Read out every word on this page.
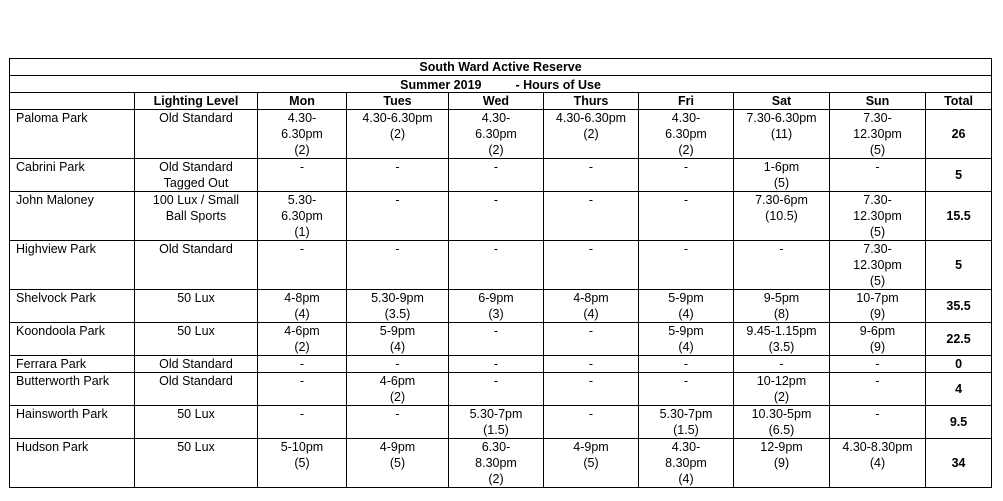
South Ward Active Reserve									
Summer 2019 - Hours of Use									
	Lighting Level	Mon	Tues	Wed	Thurs	Fri	Sat	Sun	Total
Paloma Park	Old Standard	4.30-
6.30pm
(2)	4.30-6.30pm
(2)	4.30-
6.30pm
(2)	4.30-6.30pm
(2)	4.30-
6.30pm
(2)	7.30-6.30pm
(11)	7.30-
12.30pm
(5)	26
Cabrini Park	Old Standard
Tagged Out	-	-	-	-	-	1-6pm
(5)	-	5
John Maloney	100 Lux / Small
Ball Sports	5.30-
6.30pm
(1)	-	-	-	-	7.30-6pm
(10.5)	7.30-
12.30pm
(5)	15.5
Highview Park	Old Standard	-	-	-	-	-	-	7.30-
12.30pm
(5)	5
Shelvock Park	50 Lux	4-8pm
(4)	5.30-9pm
(3.5)	6-9pm
(3)	4-8pm
(4)	5-9pm
(4)	9-5pm
(8)	10-7pm
(9)	35.5
Koondoola Park	50 Lux	4-6pm
(2)	5-9pm
(4)	-	-	5-9pm
(4)	9.45-1.15pm
(3.5)	9-6pm
(9)	22.5
Ferrara Park	Old Standard	-	-	-	-	-	-	-	0
Butterworth Park	Old Standard	-	4-6pm
(2)	-	-	-	10-12pm
(2)	-	4
Hainsworth Park	50 Lux	-	-	5.30-7pm
(1.5)	-	5.30-7pm
(1.5)	10.30-5pm
(6.5)	-	9.5
Hudson Park	50 Lux	5-10pm
(5)	4-9pm
(5)	6.30-
8.30pm
(2)	4-9pm
(5)	4.30-
8.30pm
(4)	12-9pm
(9)	4.30-8.30pm
(4)	34
